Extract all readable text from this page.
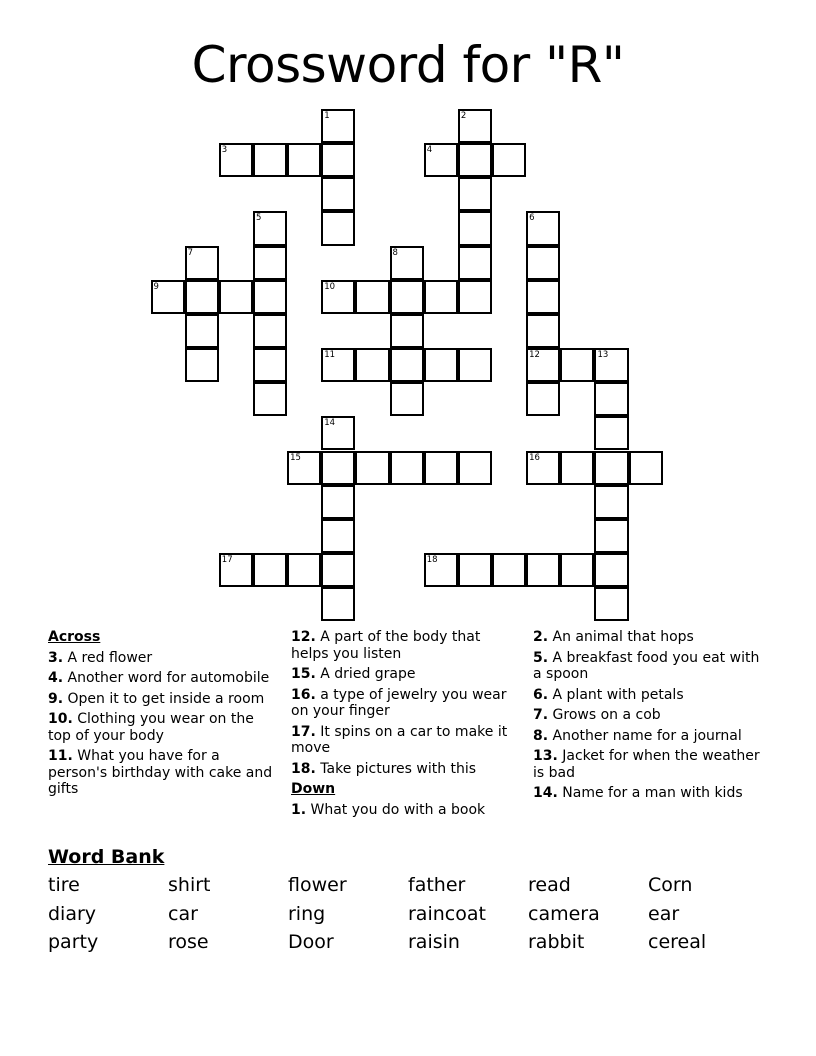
Crossword for "R"
1	2
3	4
5	6
12
7	8
9	10
11	13
14
15	16
17	18
Across
3. A red flower
4. Another word for automobile
9. Open it to get inside a room
10. Clothing you wear on the top of your body
11. What you have for a person's birthday with cake and gifts
12. A part of the body that helps you listen
15. A dried grape
16. a type of jewelry you wear on your finger
17. It spins on a car to make it move
18. Take pictures with this
Down
1. What you do with a book
2. An animal that hops
5. A breakfast food you eat with a spoon
6. A plant with petals
7. Grows on a cob
8. Another name for a journal
13. Jacket for when the weather is bad
14. Name for a man with kids
Word Bank
tire	shirt	flower	father	read	Corn
diary	car	ring	raincoat	camera	ear
party	rose	Door	raisin	rabbit	cereal
